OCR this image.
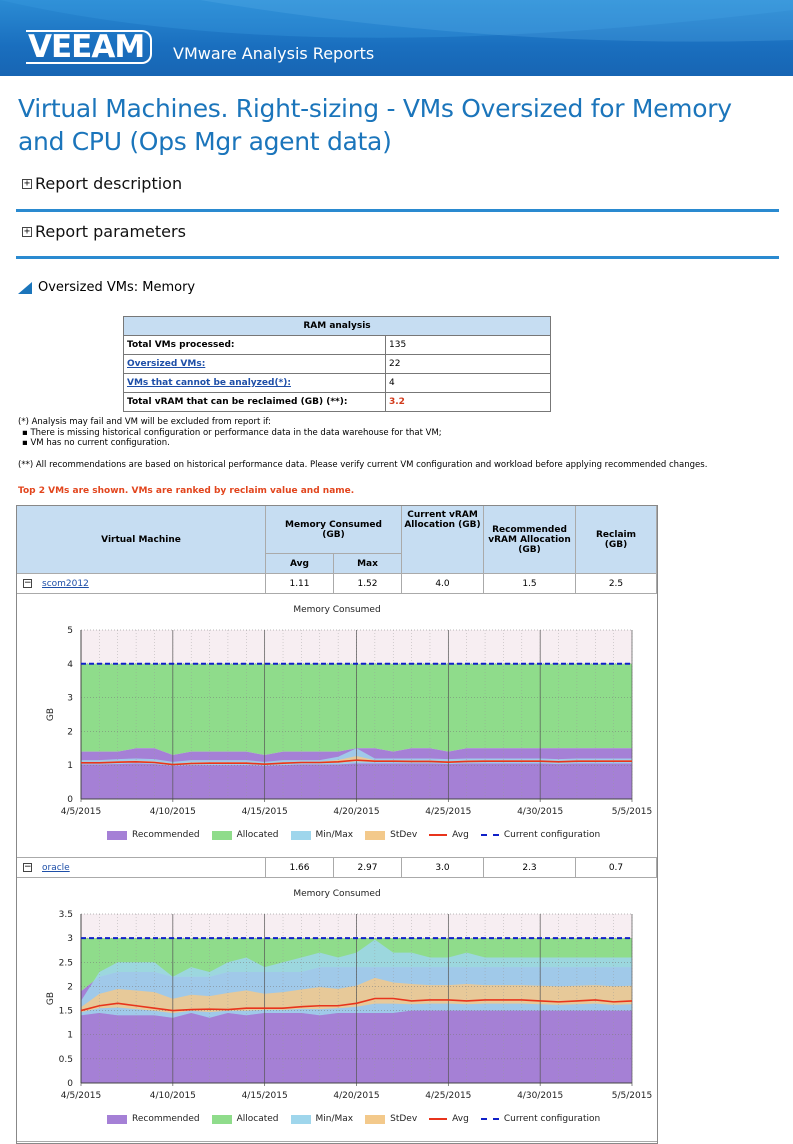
VEEAM	VMware Analysis Reports
Virtual Machines. Right-sizing - VMs Oversized for Memory and CPU (Ops Mgr agent data)
+ Report description
+ Report parameters
Oversized VMs: Memory
RAM analysis	
Total VMs processed:	135
Oversized VMs:	22
VMs that cannot be analyzed(*):	4
Total vRAM that can be reclaimed (GB) (**):	3.2
(*) Analysis may fail and VM will be excluded from report if:
▪ There is missing historical configuration or performance data in the data warehouse for that VM;
▪ VM has no current configuration.
(**) All recommendations are based on historical performance data. Please verify current VM configuration and workload before applying recommended changes.
Top 2 VMs are shown. VMs are ranked by reclaim value and name.
Virtual Machine
Memory Consumed (GB)
Avg	Max
Current vRAM Allocation (GB)	Recommended vRAM Allocation (GB)
Reclaim (GB)
− scom2012	1.11	1.52	4.0	1.5	2.5
Memory Consumed
0
1
2
3
4
5
4/5/2015	4/10/2015	4/15/2015	4/20/2015	4/25/2015	4/30/2015	5/5/2015
GB
Recommended	Allocated	Min/Max	StDev	Avg	Current configuration
− oracle	1.66	2.97	3.0	2.3	0.7
Memory Consumed
0
0.5
1
1.5
2
2.5
3
3.5
4/5/2015	4/10/2015	4/15/2015	4/20/2015	4/25/2015	4/30/2015	5/5/2015
GB
Recommended	Allocated	Min/Max	StDev	Avg	Current configuration
